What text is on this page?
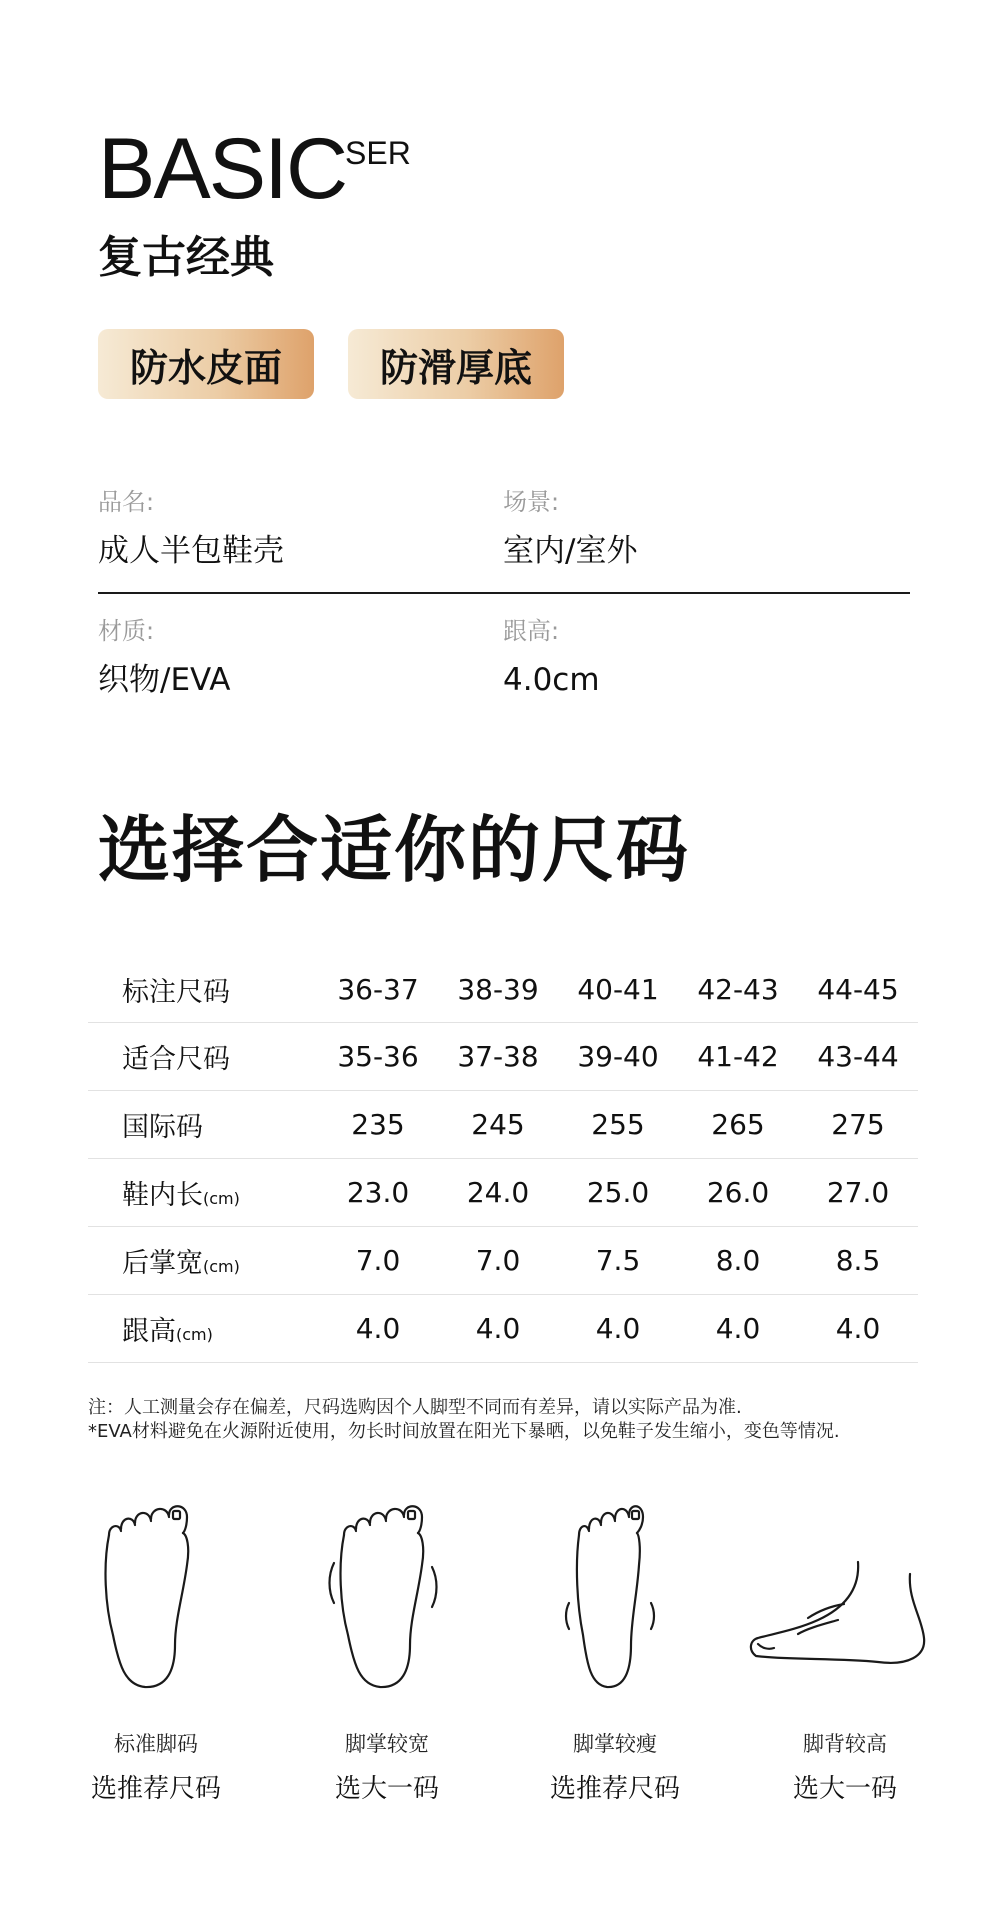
BASIC
SER
复古经典
防水皮面	防滑厚底
品名:
成人半包鞋壳
场景:
室内/室外
材质:
织物/EVA
跟高:
4.0cm
选择合适你的尺码
标注尺码	36-37	38-39	40-41	42-43	44-45
适合尺码	35-36	37-38	39-40	41-42	43-44
国际码	235	245	255	265	275
鞋内长(cm)	23.0	24.0	25.0	26.0	27.0
后掌宽(cm)	7.0	7.0	7.5	8.0	8.5
跟高(cm)	4.0	4.0	4.0	4.0	4.0
注：人工测量会存在偏差，尺码选购因个人脚型不同而有差异，请以实际产品为准.
*EVA材料避免在火源附近使用，勿长时间放置在阳光下暴晒，以免鞋子发生缩小，变色等情况.
标准脚码
选推荐尺码
脚掌较宽
选大一码
脚掌较瘦
选推荐尺码
脚背较高
选大一码
